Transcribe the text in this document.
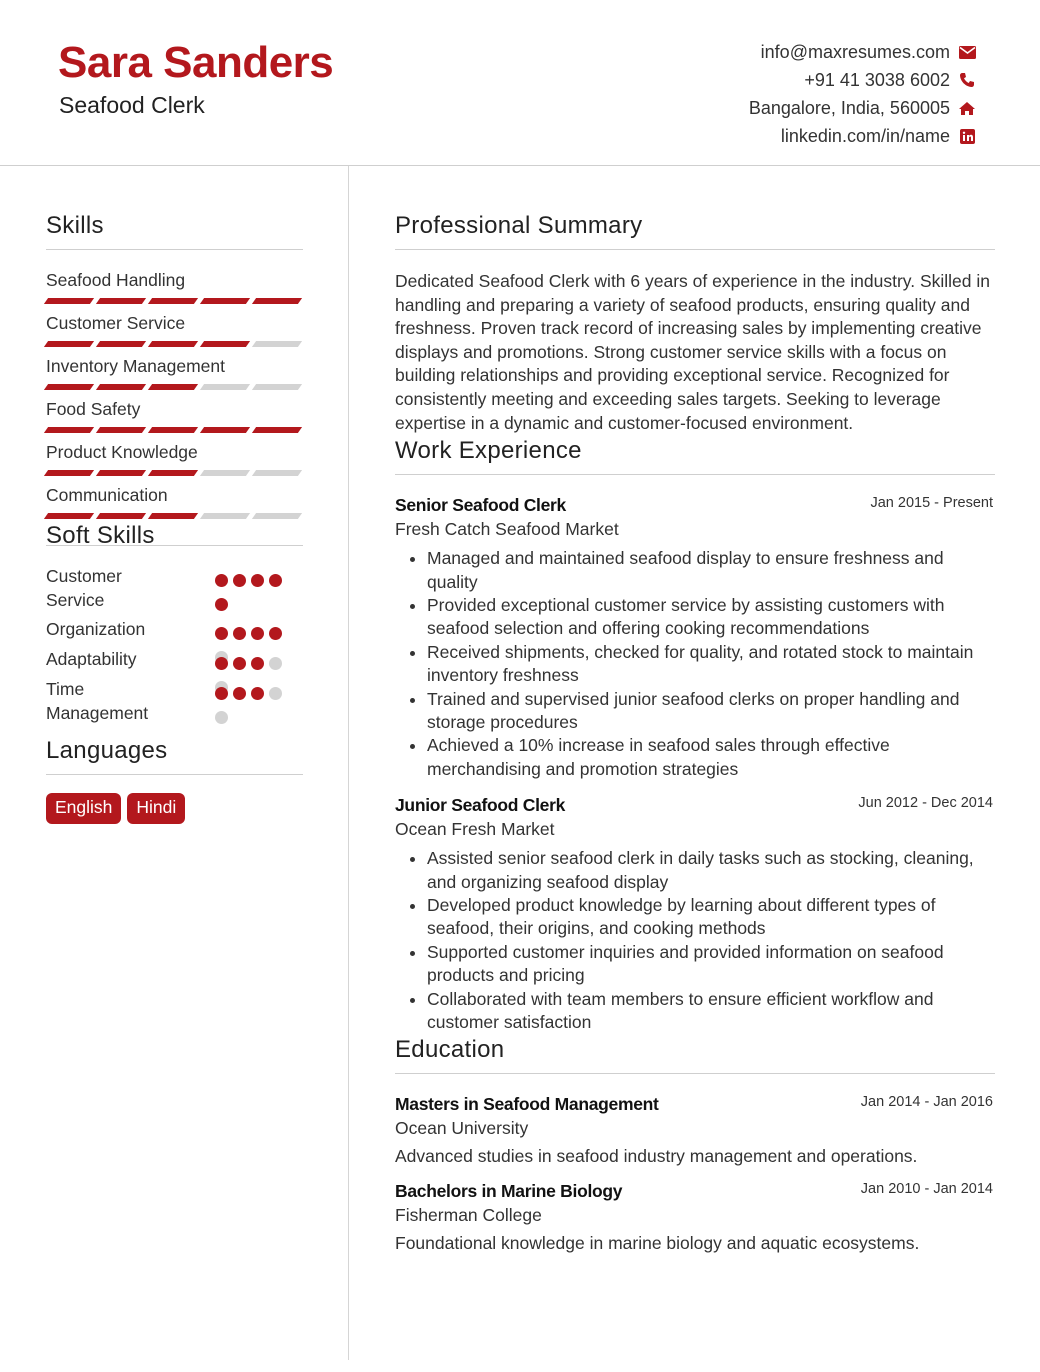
Sara Sanders
Seafood Clerk
info@maxresumes.com
+91 41 3038 6002
Bangalore, India, 560005
linkedin.com/in/name
Skills
Seafood Handling
Customer Service
Inventory Management
Food Safety
Product Knowledge
Communication
Soft Skills
Customer Service
Organization
Adaptability
Time Management
Languages
English	Hindi
Professional Summary

Dedicated Seafood Clerk with 6 years of experience in the industry. Skilled in handling and preparing a variety of seafood products, ensuring quality and freshness. Proven track record of increasing sales by implementing creative displays and promotions. Strong customer service skills with a focus on building relationships and providing exceptional service. Recognized for consistently meeting and exceeding sales targets. Seeking to leverage expertise in a dynamic and customer-focused environment.

Work Experience
Senior Seafood Clerk	Jan 2015 - Present
Fresh Catch Seafood Market
• Managed and maintained seafood display to ensure freshness and quality
• Provided exceptional customer service by assisting customers with seafood selection and offering cooking recommendations
• Received shipments, checked for quality, and rotated stock to maintain inventory freshness
• Trained and supervised junior seafood clerks on proper handling and storage procedures
• Achieved a 10% increase in seafood sales through effective merchandising and promotion strategies
Junior Seafood Clerk	Jun 2012 - Dec 2014
Ocean Fresh Market
• Assisted senior seafood clerk in daily tasks such as stocking, cleaning, and organizing seafood display
• Developed product knowledge by learning about different types of seafood, their origins, and cooking methods
• Supported customer inquiries and provided information on seafood products and pricing
• Collaborated with team members to ensure efficient workflow and customer satisfaction
Education
Masters in Seafood Management	Jan 2014 - Jan 2016
Ocean University
Advanced studies in seafood industry management and operations.
Bachelors in Marine Biology	Jan 2010 - Jan 2014
Fisherman College
Foundational knowledge in marine biology and aquatic ecosystems.
